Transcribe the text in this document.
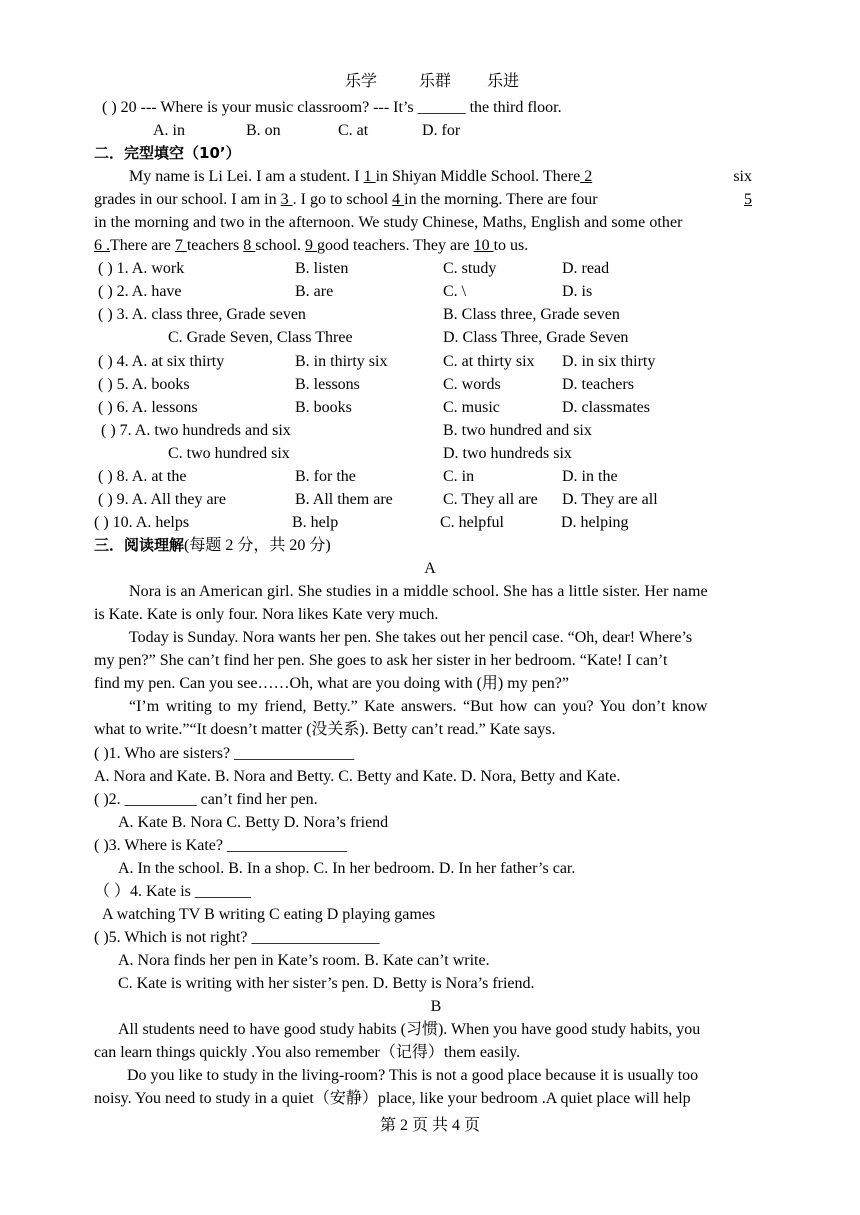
乐学	乐群 乐进
( ) 20 --- Where is your music classroom? --- It’s ______ the third floor.
A. in	B. on	C. at	D. for
二．完型填空（10’）
My name is Li Lei. I am a student. I 1 in Shiyan Middle School. There 2	six
grades in our school. I am in 3 . I go to school 4 in the morning. There are four	5
in the morning and two in the afternoon. We study Chinese, Maths, English and some other
6 .There are 7 teachers 8 school. 9 good teachers. They are 10 to us.
( ) 1. A. work	B. listen	C. study	D. read
( ) 2. A. have	B. are	C. \	D. is
( ) 3. A. class three, Grade seven	B. Class three, Grade seven
C. Grade Seven, Class Three	D. Class Three, Grade Seven
( ) 4. A. at six thirty	B. in thirty six	C. at thirty six D. in six thirty
( ) 5. A. books	B. lessons	C. words	D. teachers
( ) 6. A. lessons	B. books	C. music	D. classmates
( ) 7. A. two hundreds and six	B. two hundred and six
C. two hundred six	D. two hundreds six
( ) 8. A. at the	B. for the	C. in	D. in the
( ) 9. A. All they are	B. All them are	C. They all are D. They are all
( ) 10. A. helps	B. help	C. helpful	D. helping
三．阅读理解(每题 2 分，共 20 分)
A
Nora is an American girl. She studies in a middle school. She has a little sister. Her name
is Kate. Kate is only four. Nora likes Kate very much.
Today is Sunday. Nora wants her pen. She takes out her pencil case. “Oh, dear! Where’s
my pen?” She can’t find her pen. She goes to ask her sister in her bedroom. “Kate! I can’t
find my pen. Can you see……Oh, what are you doing with (用) my pen?”
“I’m writing to my friend, Betty.” Kate answers. “But how can you? You don’t know
what to write.”“It doesn’t matter (没关系). Betty can’t read.” Kate says.
( )1. Who are sisters? _______________
A. Nora and Kate. B. Nora and Betty. C. Betty and Kate. D. Nora, Betty and Kate.
( )2. _________ can’t find her pen.
A. Kate B. Nora C. Betty D. Nora’s friend
( )3. Where is Kate? _______________
A. In the school. B. In a shop. C. In her bedroom. D. In her father’s car.
（ ）4. Kate is _______
A watching TV B writing C eating D playing games
( )5. Which is not right? ________________
A. Nora finds her pen in Kate’s room. B. Kate can’t write.
C. Kate is writing with her sister’s pen. D. Betty is Nora’s friend.
B
All students need to have good study habits (习惯). When you have good study habits, you
can learn things quickly .You also remember（记得）them easily.
Do you like to study in the living-room? This is not a good place because it is usually too
noisy. You need to study in a quiet（安静）place, like your bedroom .A quiet place will help
第 2 页 共 4 页
